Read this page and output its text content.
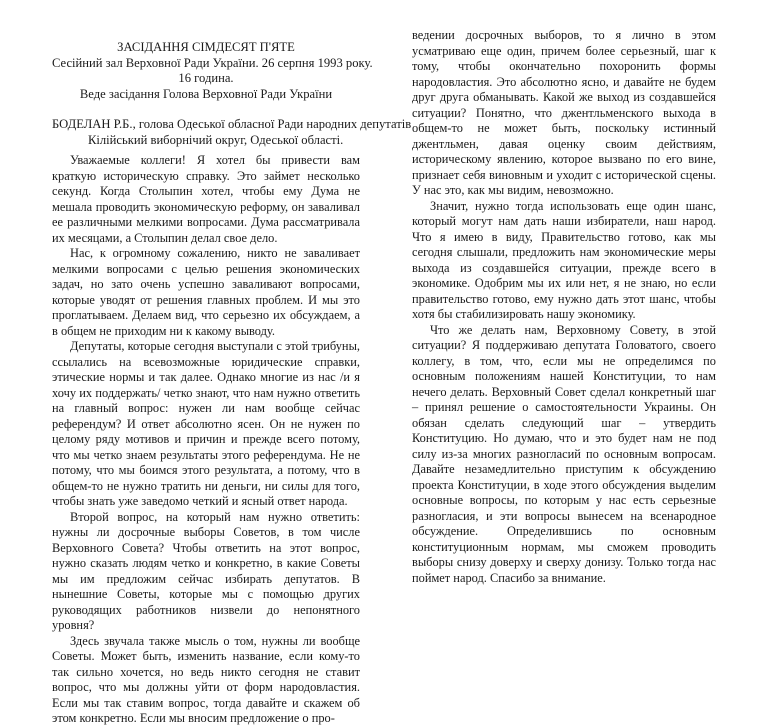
ЗАСІДАННЯ СІМДЕСЯТ П'ЯТЕ
Сесійний зал Верховної Ради України. 26 серпня 1993 року.
16 година.
Веде засідання Голова Верховної Ради України
БОДЕЛАН Р.Б., голова Одеської обласної Ради народних депутатів
Кілійський виборнічий округ, Одеської області.

Уважаемые коллеги! Я хотел бы привести вам краткую историческую справку. Это займет несколько секунд. Когда Столыпин хотел, чтобы ему Дума не мешала проводить экономическую реформу, он заваливал ее различными мелкими вопросами. Дума рассматривала их месяцами, а Столыпин делал свое дело.

Нас, к огромному сожалению, никто не заваливает мелкими вопросами с целью решения экономических задач, но зато очень успешно заваливают вопросами, которые уводят от решения главных проблем. И мы это проглатываем. Делаем вид, что серьезно их обсуждаем, а в общем не приходим ни к какому выводу.

Депутаты, которые сегодня выступали с этой трибуны, ссылались на всевозможные юридические справки, этические нормы и так далее. Однако многие из нас /и я хочу их поддержать/ четко знают, что нам нужно ответить на главный вопрос: нужен ли нам вообще сейчас референдум? И ответ абсолютно ясен. Он не нужен по целому ряду мотивов и причин и прежде всего потому, что мы четко знаем результаты этого референдума. Не не потому, что мы боимся этого результата, а потому, что в общем-то не нужно тратить ни деньги, ни силы для того, чтобы знать уже заведомо четкий и ясный ответ народа.

Второй вопрос, на который нам нужно ответить: нужны ли досрочные выборы Советов, в том числе Верховного Совета? Чтобы ответить на этот вопрос, нужно сказать людям четко и конкретно, в какие Советы мы им предложим сейчас избирать депутатов. В нынешние Советы, которые мы с помощью других руководящих работников низвели до непонятного уровня?

Здесь звучала также мысль о том, нужны ли вообще Советы. Может быть, изменить название, если кому-то так сильно хочется, но ведь никто сегодня не ставит вопрос, что мы должны уйти от форм народовластия. Если мы так ставим вопрос, тогда давайте и скажем об этом конкретно. Если мы вносим предложение о про-

ведении досрочных выборов, то я лично в этом усматриваю еще один, причем более серьезный, шаг к тому, чтобы окончательно похоронить формы народовластия. Это абсолютно ясно, и давайте не будем друг друга обманывать. Какой же выход из создавшейся ситуации? Понятно, что джентльменского выхода в общем-то не может быть, поскольку истинный джентльмен, давая оценку своим действиям, историческому явлению, которое вызвано по его вине, признает себя виновным и уходит с исторической сцены. У нас это, как мы видим, невозможно.

Значит, нужно тогда использовать еще один шанс, который могут нам дать наши избиратели, наш народ. Что я имею в виду, Правительство готово, как мы сегодня слышали, предложить нам экономические меры выхода из создавшейся ситуации, прежде всего в экономике. Одобрим мы их или нет, я не знаю, но если правительство готово, ему нужно дать этот шанс, чтобы хотя бы стабилизировать нашу экономику.

Что же делать нам, Верховному Совету, в этой ситуации? Я поддерживаю депутата Головатого, своего коллегу, в том, что, если мы не определимся по основным положениям нашей Конституции, то нам нечего делать. Верховный Совет сделал конкретный шаг – принял решение о самостоятельности Украины. Он обязан сделать следующий шаг – утвердить Конституцию. Но думаю, что и это будет нам не под силу из-за многих разногласий по основным вопросам. Давайте незамедлительно приступим к обсуждению проекта Конституции, в ходе этого обсуждения выделим основные вопросы, по которым у нас есть серьезные разногласия, и эти вопросы вынесем на всенародное обсуждение. Определившись по основным конституционным нормам, мы сможем проводить выборы снизу доверху и сверху донизу. Только тогда нас поймет народ. Спасибо за внимание.
